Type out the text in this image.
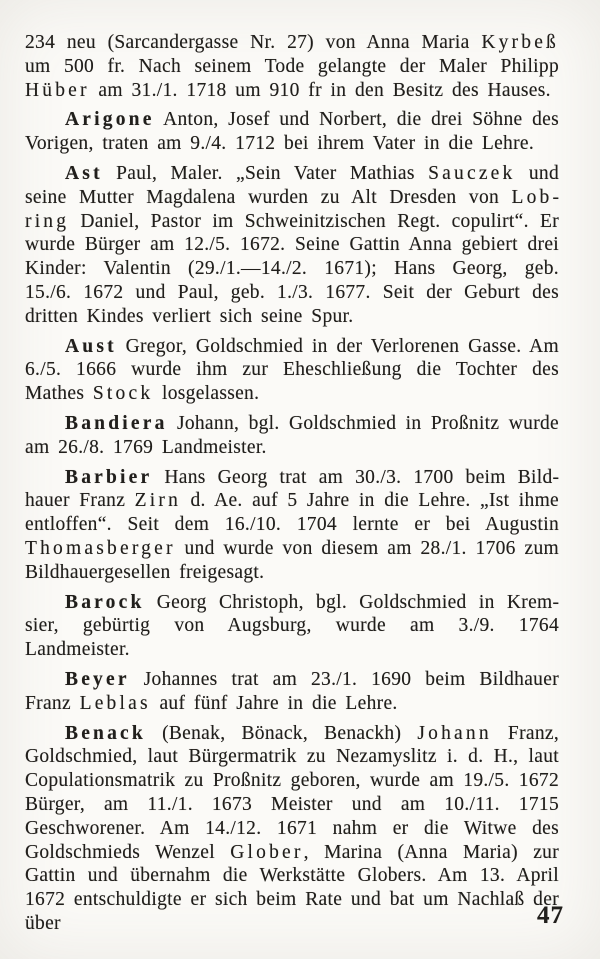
234 neu (Sarcandergasse Nr. 27) von Anna Maria Kyrbeß um 500 fr. Nach seinem Tode gelangte der Maler Philipp Hüber am 31./1. 1718 um 910 fr in den Besitz des Hauses.

Arigone Anton, Josef und Norbert, die drei Söhne des Vorigen, traten am 9./4. 1712 bei ihrem Vater in die Lehre.

Ast Paul, Maler. „Sein Vater Mathias Sauczek und seine Mutter Magdalena wurden zu Alt Dresden von Lobring Daniel, Pastor im Schweinitzischen Regt. copulirt“. Er wurde Bürger am 12./5. 1672. Seine Gattin Anna gebiert drei Kinder: Valentin (29./1.—14./2. 1671); Hans Georg, geb. 15./6. 1672 und Paul, geb. 1./3. 1677. Seit der Geburt des dritten Kindes verliert sich seine Spur.

Aust Gregor, Goldschmied in der Verlorenen Gasse. Am 6./5. 1666 wurde ihm zur Eheschließung die Tochter des Mathes Stock losgelassen.

Bandiera Johann, bgl. Goldschmied in Proßnitz wurde am 26./8. 1769 Landmeister.

Barbier Hans Georg trat am 30./3. 1700 beim Bildhauer Franz Zirn d. Ae. auf 5 Jahre in die Lehre. „Ist ihme entloffen“. Seit dem 16./10. 1704 lernte er bei Augustin Thomasberger und wurde von diesem am 28./1. 1706 zum Bildhauergesellen freigesagt.

Barock Georg Christoph, bgl. Goldschmied in Kremsier, gebürtig von Augsburg, wurde am 3./9. 1764 Landmeister.

Beyer Johannes trat am 23./1. 1690 beim Bildhauer Franz Leblas auf fünf Jahre in die Lehre.

Benack (Benak, Bönack, Benackh) Johann Franz, Goldschmied, laut Bürgermatrik zu Nezamyslitz i. d. H., laut Copulationsmatrik zu Proßnitz geboren, wurde am 19./5. 1672 Bürger, am 11./1. 1673 Meister und am 10./11. 1715 Geschworener. Am 14./12. 1671 nahm er die Witwe des Goldschmieds Wenzel Glober, Marina (Anna Maria) zur Gattin und übernahm die Werkstätte Globers. Am 13. April 1672 entschuldigte er sich beim Rate und bat um Nachlaß der über	47
